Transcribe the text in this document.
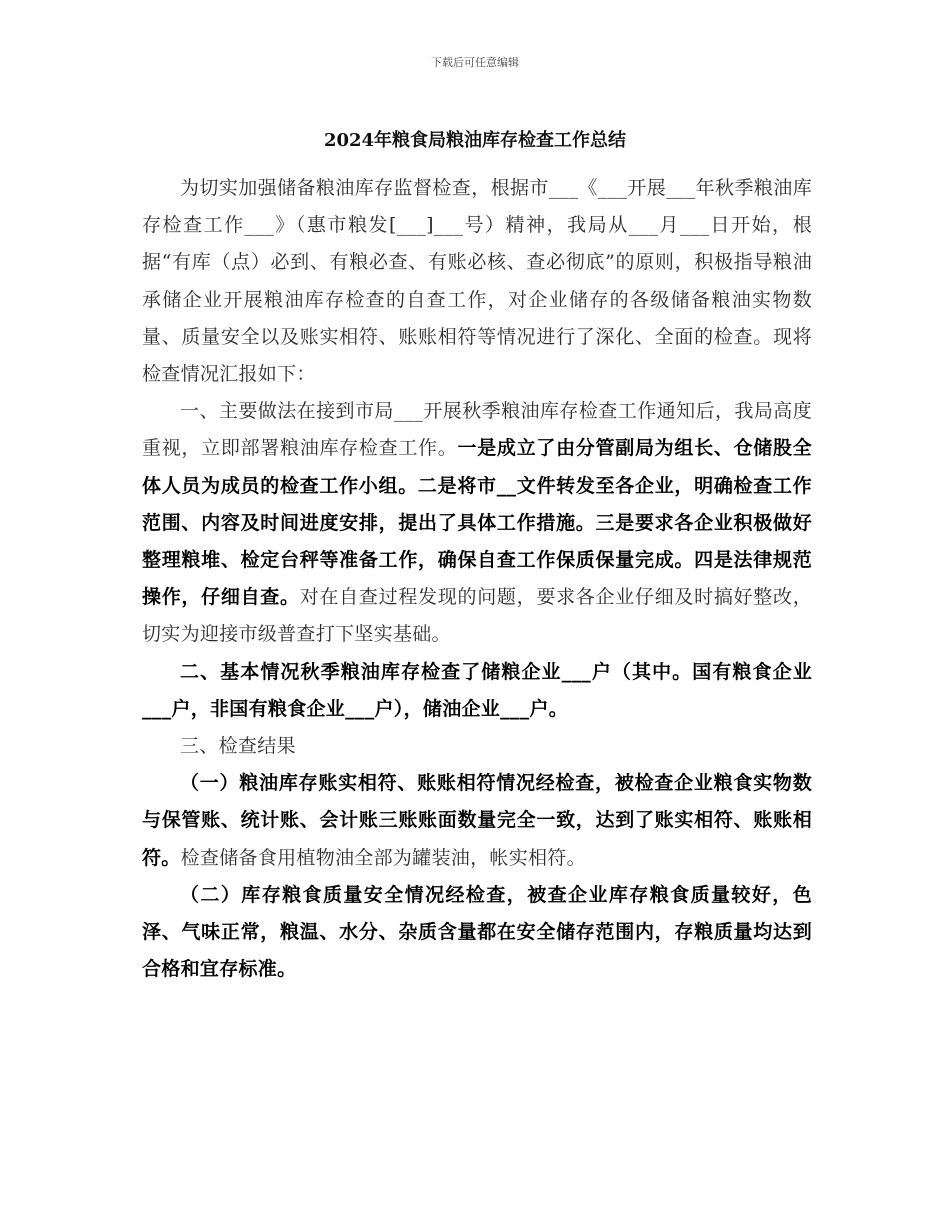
下载后可任意编辑
2024年粮食局粮油库存检查工作总结

为切实加强储备粮油库存监督检查，根据市___《___开展___年秋季粮油库存检查工作___》（惠市粮发[___]___号）精神，我局从___月___日开始，根据“有库（点）必到、有粮必查、有账必核、查必彻底”的原则，积极指导粮油承储企业开展粮油库存检查的自查工作，对企业储存的各级储备粮油实物数量、质量安全以及账实相符、账账相符等情况进行了深化、全面的检查。现将检查情况汇报如下：

一、主要做法在接到市局___开展秋季粮油库存检查工作通知后，我局高度重视，立即部署粮油库存检查工作。一是成立了由分管副局为组长、仓储股全体人员为成员的检查工作小组。二是将市__文件转发至各企业，明确检查工作范围、内容及时间进度安排，提出了具体工作措施。三是要求各企业积极做好整理粮堆、检定台秤等准备工作，确保自查工作保质保量完成。四是法律规范操作，仔细自查。对在自查过程发现的问题，要求各企业仔细及时搞好整改，切实为迎接市级普查打下坚实基础。

二、基本情况秋季粮油库存检查了储粮企业___户（其中。国有粮食企业___户，非国有粮食企业___户），储油企业___户。

三、检查结果

（一）粮油库存账实相符、账账相符情况经检查，被检查企业粮食实物数与保管账、统计账、会计账三账账面数量完全一致，达到了账实相符、账账相符。检查储备食用植物油全部为罐装油，帐实相符。

（二）库存粮食质量安全情况经检查，被查企业库存粮食质量较好，色泽、气味正常，粮温、水分、杂质含量都在安全储存范围内，存粮质量均达到合格和宜存标准。
